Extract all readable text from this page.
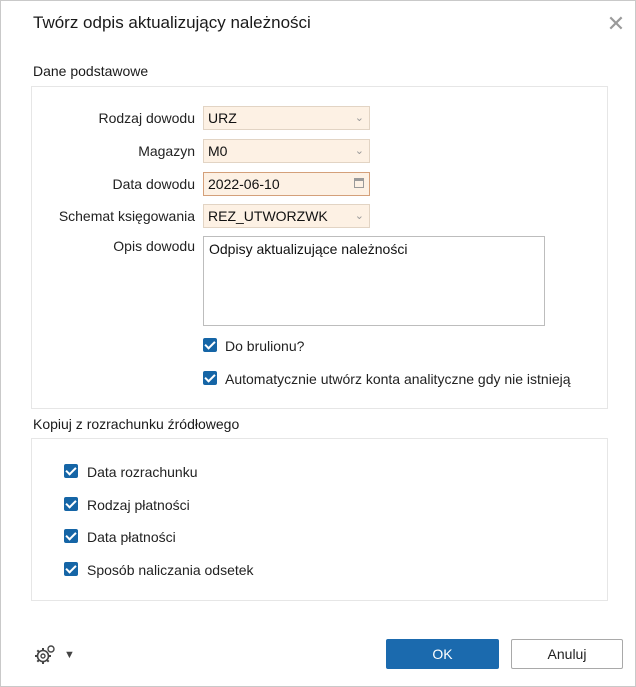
Twórz odpis aktualizujący należności	✕
Dane podstawowe
Rodzaj dowodu URZ	⌄
Magazyn M0	⌄
Data dowodu 2022-06-10
Schemat księgowania REZ_UTWORZWK ⌄
Opis dowodu	Odpisy aktualizujące należności
Do brulionu?
Automatycznie utwórz konta analityczne gdy nie istnieją
Kopiuj z rozrachunku źródłowego
Data rozrachunku
Rodzaj płatności
Data płatności
Sposób naliczania odsetek
▼	OK	Anuluj
